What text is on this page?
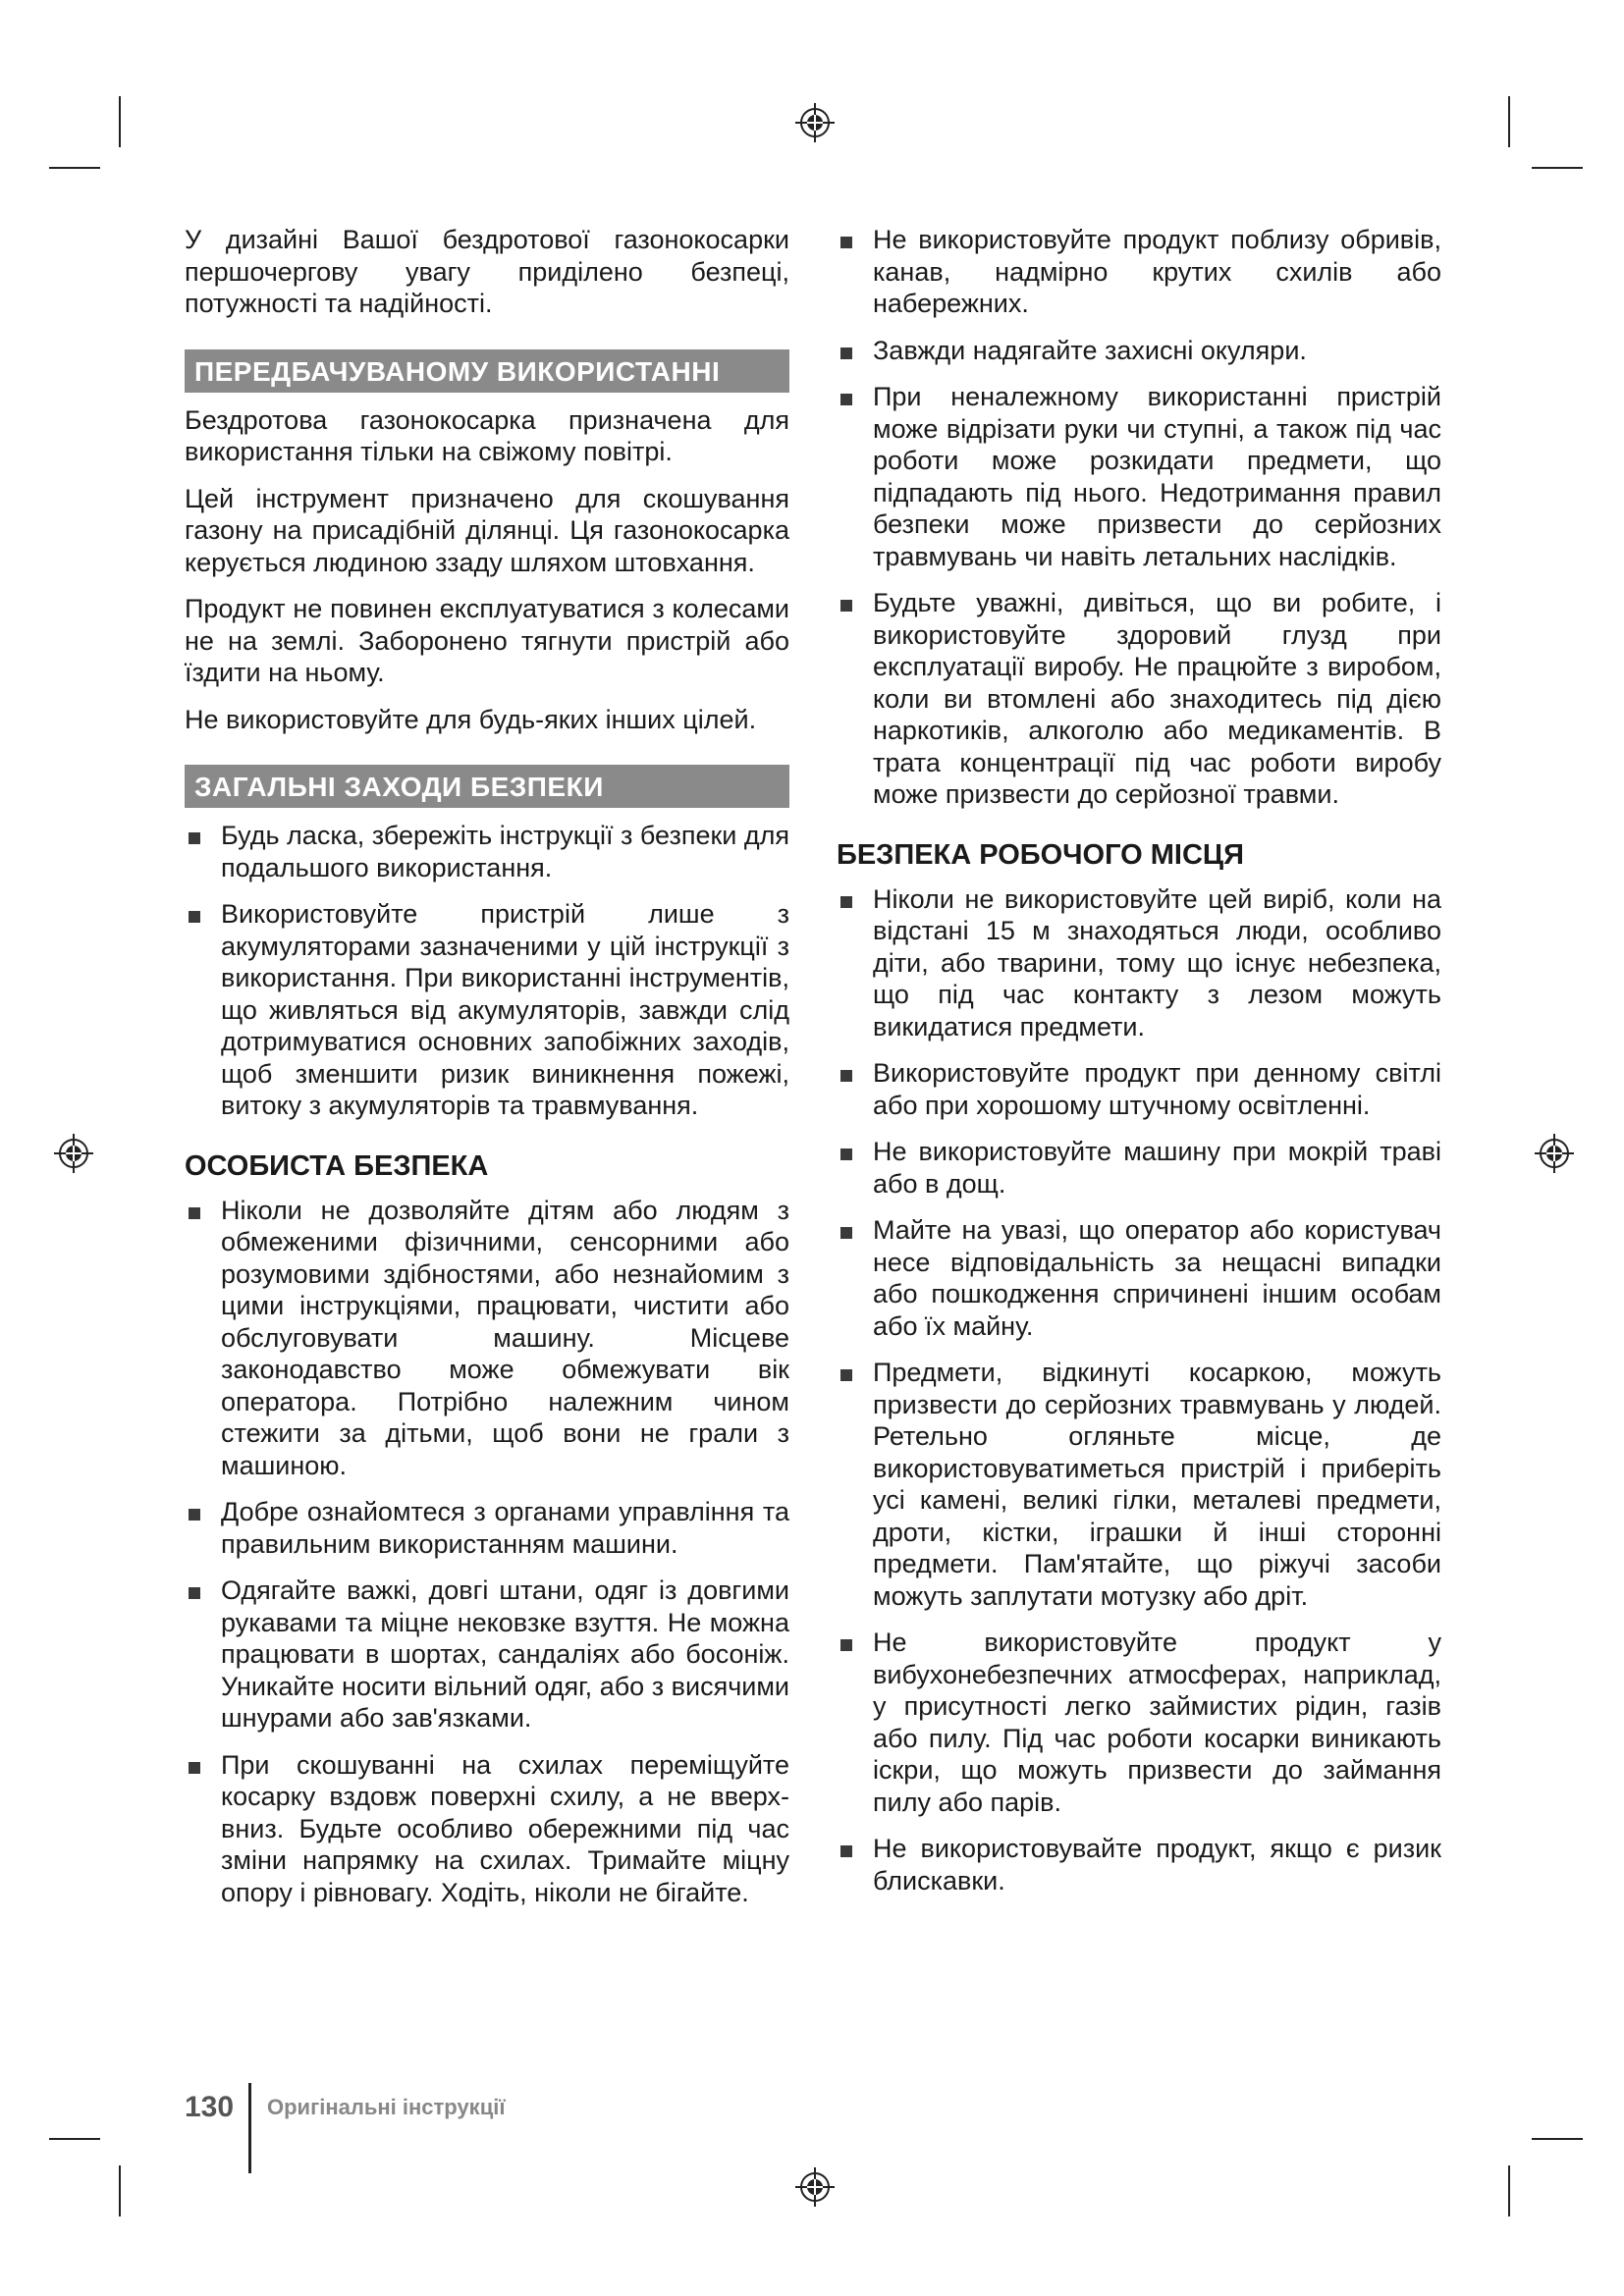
У дизайні Вашої бездротової газонокосарки першочергову увагу приділено безпеці, потужності та надійності.

ПЕРЕДБАЧУВАНОМУ ВИКОРИСТАННІ

Бездротова газонокосарка призначена для використання тільки на свіжому повітрі.

Цей інструмент призначено для скошування газону на присадібній ділянці. Ця газонокосарка керується людиною ззаду шляхом штовхання.

Продукт не повинен експлуатуватися з колесами не на землі. Заборонено тягнути пристрій або їздити на ньому.

Не використовуйте для будь-яких інших цілей.

ЗАГАЛЬНІ ЗАХОДИ БЕЗПЕКИ
Будь ласка, збережіть інструкції з безпеки для подальшого використання.
Використовуйте пристрій лише з акумуляторами зазначеними у цій інструкції з використання. При використанні інструментів, що живляться від акумуляторів, завжди слід дотримуватися основних запобіжних заходів, щоб зменшити ризик виникнення пожежі, витоку з акумуляторів та травмування.
ОСОБИСТА БЕЗПЕКА
Ніколи не дозволяйте дітям або людям з обмеженими фізичними, сенсорними або розумовими здібностями, або незнайомим з цими інструкціями, працювати, чистити або обслуговувати машину. Місцеве законодавство може обмежувати вік оператора. Потрібно належним чином стежити за дітьми, щоб вони не грали з машиною.
Добре ознайомтеся з органами управління та правильним використанням машини.
Одягайте важкі, довгі штани, одяг із довгими рукавами та міцне нековзке взуття. Не можна працювати в шортах, сандаліях або босоніж. Уникайте носити вільний одяг, або з висячими шнурами або зав'язками.
При скошуванні на схилах переміщуйте косарку вздовж поверхні схилу, а не вверх-вниз. Будьте особливо обережними під час зміни напрямку на схилах. Тримайте міцну опору і рівновагу. Ходіть, ніколи не бігайте.
Не використовуйте продукт поблизу обривів, канав, надмірно крутих схилів або набережних.
Завжди надягайте захисні окуляри.
При неналежному використанні пристрій може відрізати руки чи ступні, а також під час роботи може розкидати предмети, що підпадають під нього. Недотримання правил безпеки може призвести до серйозних травмувань чи навіть летальних наслідків.
Будьте уважні, дивіться, що ви робите, і використовуйте здоровий глузд при експлуатації виробу. Не працюйте з виробом, коли ви втомлені або знаходитесь під дією наркотиків, алкоголю або медикаментів. В трата концентрації під час роботи виробу може призвести до серйозної травми.
БЕЗПЕКА РОБОЧОГО МІСЦЯ
Ніколи не використовуйте цей виріб, коли на відстані 15 м знаходяться люди, особливо діти, або тварини, тому що існує небезпека, що під час контакту з лезом можуть викидатися предмети.
Використовуйте продукт при денному світлі або при хорошому штучному освітленні.
Не використовуйте машину при мокрій траві або в дощ.
Майте на увазі, що оператор або користувач несе відповідальність за нещасні випадки або пошкодження спричинені іншим особам або їх майну.
Предмети, відкинуті косаркою, можуть призвести до серйозних травмувань у людей. Ретельно огляньте місце, де використовуватиметься пристрій і приберіть усі камені, великі гілки, металеві предмети, дроти, кістки, іграшки й інші сторонні предмети. Пам'ятайте, що ріжучі засоби можуть заплутати мотузку або дріт.
Не використовуйте продукт у вибухонебезпечних атмосферах, наприклад, у присутності легко займистих рідин, газів або пилу. Під час роботи косарки виникають іскри, що можуть призвести до займання пилу або парів.
Не використовувайте продукт, якщо є ризик блискавки.
130 Оригінальні інструкції
